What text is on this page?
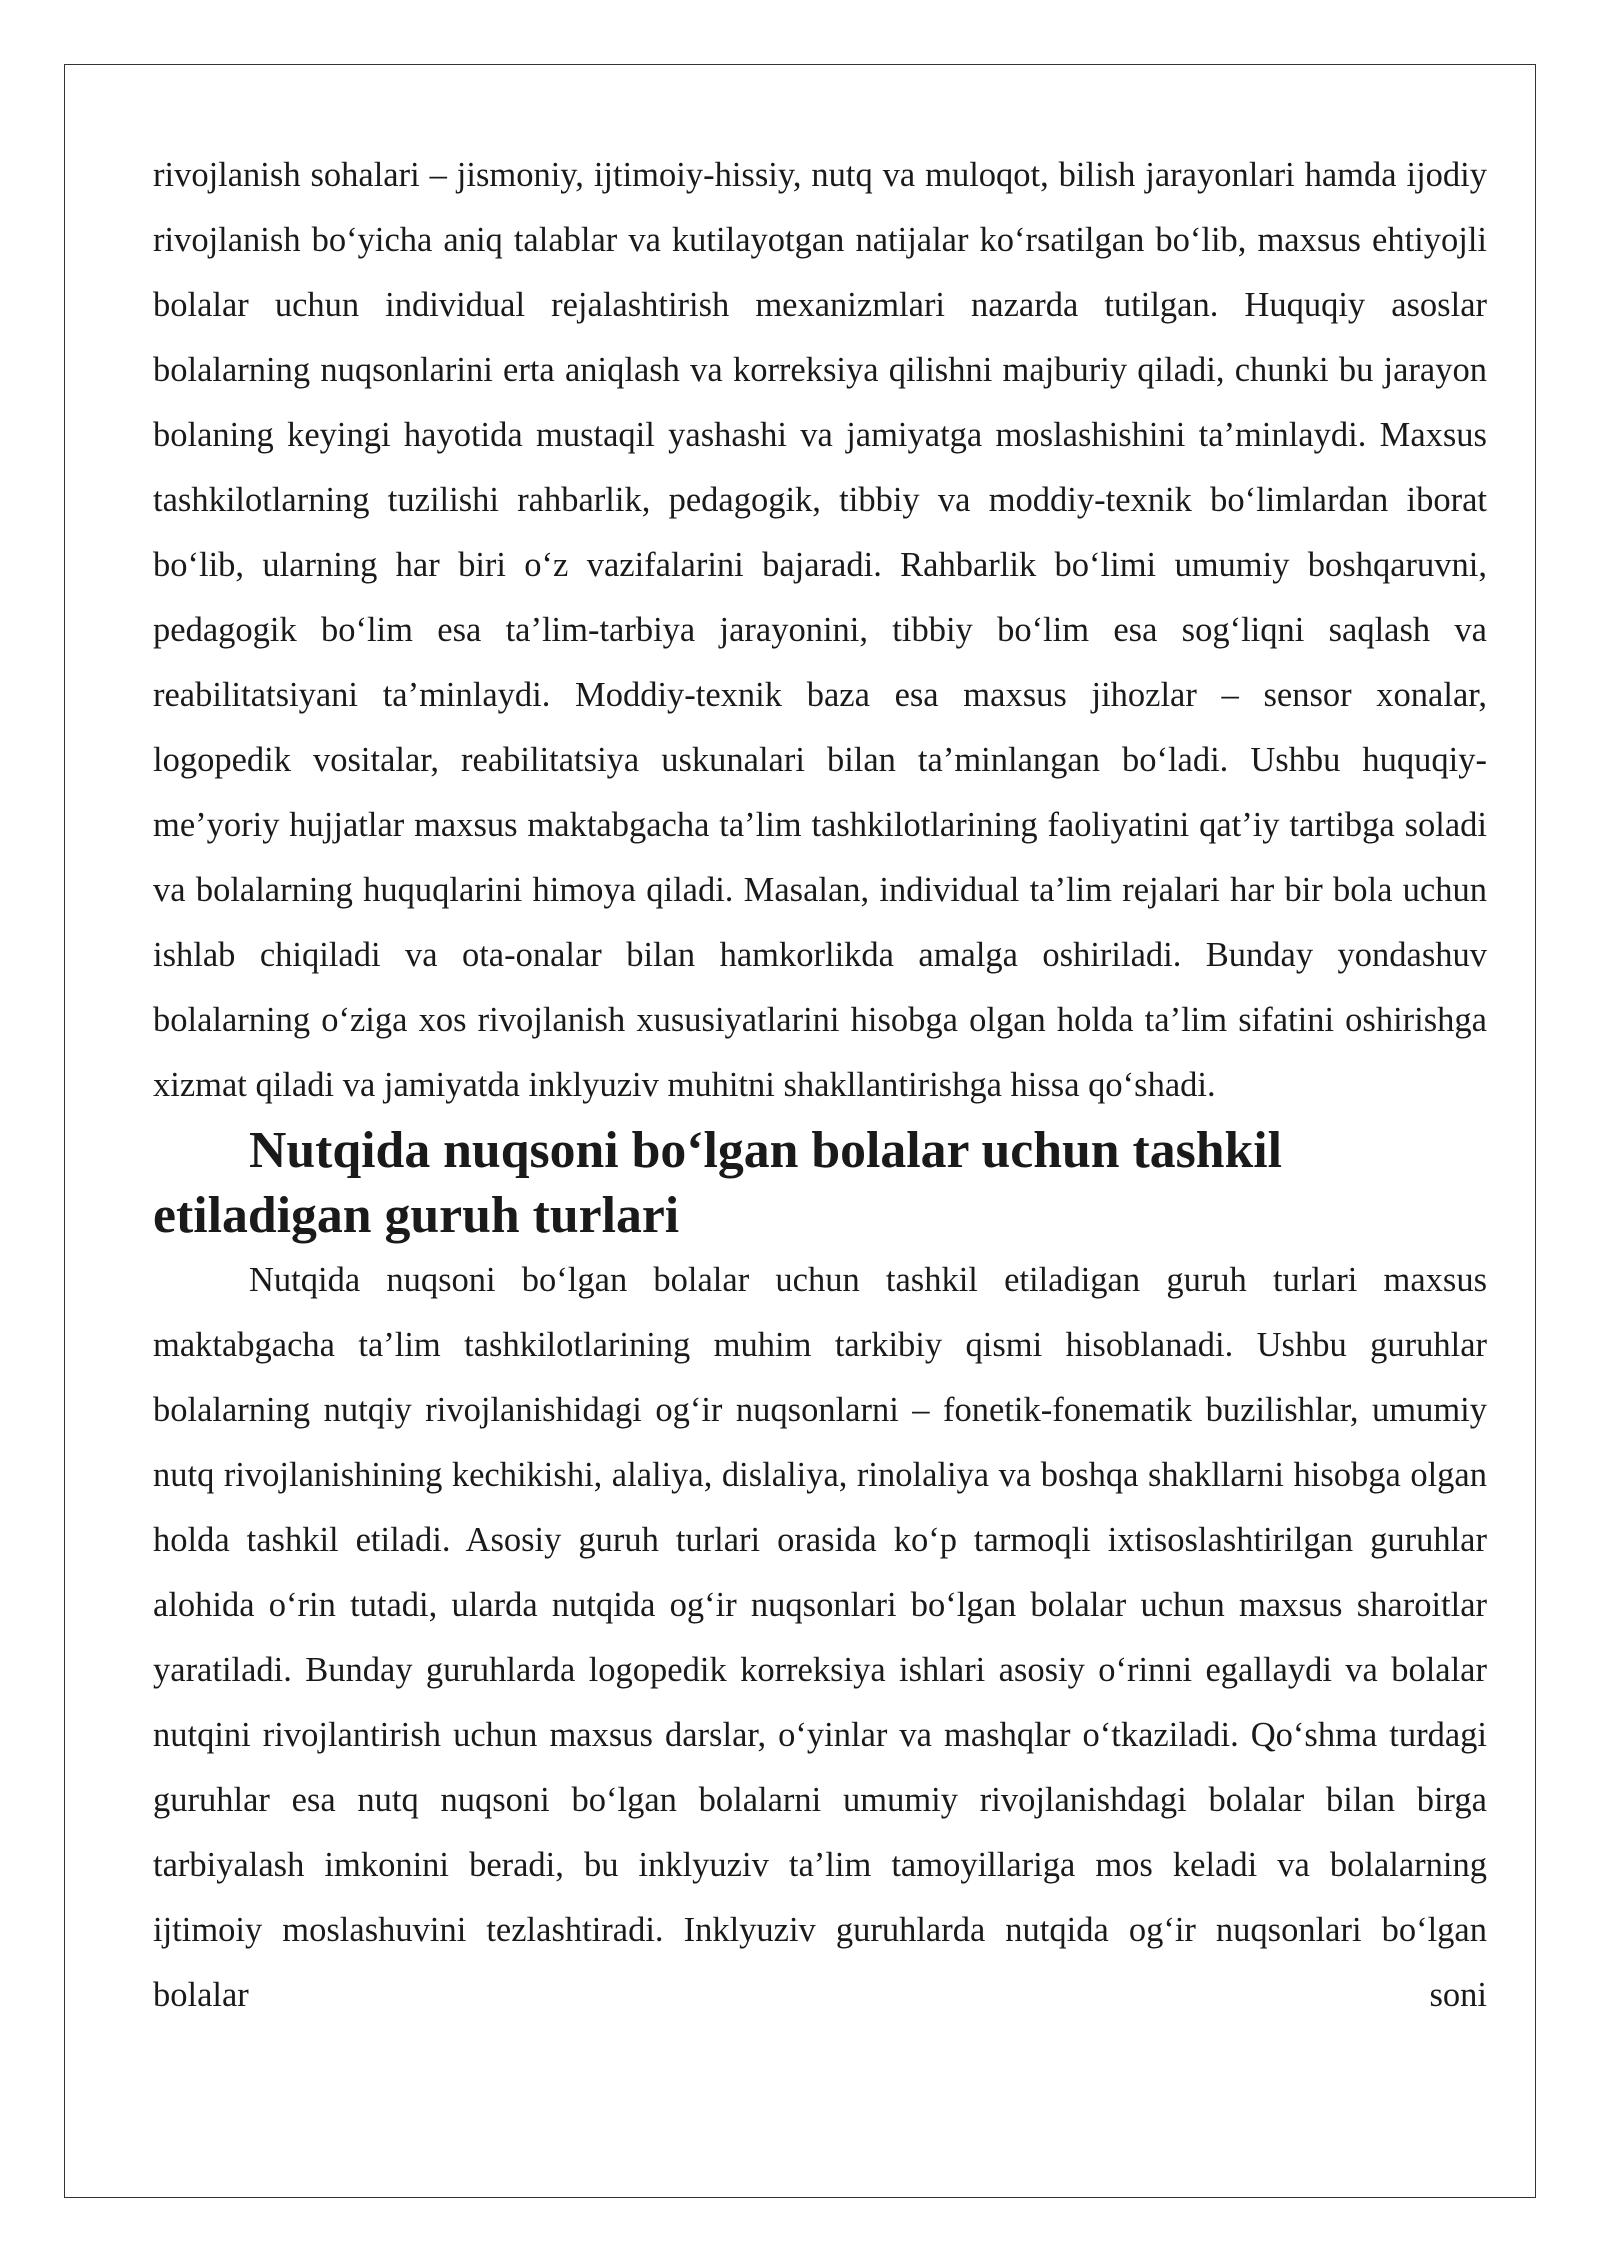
rivojlanish sohalari – jismoniy, ijtimoiy-hissiy, nutq va muloqot, bilish jarayonlari hamda ijodiy rivojlanish bo‘yicha aniq talablar va kutilayotgan natijalar ko‘rsatilgan bo‘lib, maxsus ehtiyojli bolalar uchun individual rejalashtirish mexanizmlari nazarda tutilgan. Huquqiy asoslar bolalarning nuqsonlarini erta aniqlash va korreksiya qilishni majburiy qiladi, chunki bu jarayon bolaning keyingi hayotida mustaqil yashashi va jamiyatga moslashishini ta’minlaydi. Maxsus tashkilotlarning tuzilishi rahbarlik, pedagogik, tibbiy va moddiy-texnik bo‘limlardan iborat bo‘lib, ularning har biri o‘z vazifalarini bajaradi. Rahbarlik bo‘limi umumiy boshqaruvni, pedagogik bo‘lim esa ta’lim-tarbiya jarayonini, tibbiy bo‘lim esa sog‘liqni saqlash va reabilitatsiyani ta’minlaydi. Moddiy-texnik baza esa maxsus jihozlar – sensor xonalar, logopedik vositalar, reabilitatsiya uskunalari bilan ta’minlangan bo‘ladi. Ushbu huquqiy-me’yoriy hujjatlar maxsus maktabgacha ta’lim tashkilotlarining faoliyatini qat’iy tartibga soladi va bolalarning huquqlarini himoya qiladi. Masalan, individual ta’lim rejalari har bir bola uchun ishlab chiqiladi va ota-onalar bilan hamkorlikda amalga oshiriladi. Bunday yondashuv bolalarning o‘ziga xos rivojlanish xususiyatlarini hisobga olgan holda ta’lim sifatini oshirishga xizmat qiladi va jamiyatda inklyuziv muhitni shakllantirishga hissa qo‘shadi.

Nutqida nuqsoni bo‘lgan bolalar uchun tashkil etiladigan guruh turlari

Nutqida nuqsoni bo‘lgan bolalar uchun tashkil etiladigan guruh turlari maxsus maktabgacha ta’lim tashkilotlarining muhim tarkibiy qismi hisoblanadi. Ushbu guruhlar bolalarning nutqiy rivojlanishidagi og‘ir nuqsonlarni – fonetik-fonematik buzilishlar, umumiy nutq rivojlanishining kechikishi, alaliya, dislaliya, rinolaliya va boshqa shakllarni hisobga olgan holda tashkil etiladi. Asosiy guruh turlari orasida ko‘p tarmoqli ixtisoslashtirilgan guruhlar alohida o‘rin tutadi, ularda nutqida og‘ir nuqsonlari bo‘lgan bolalar uchun maxsus sharoitlar yaratiladi. Bunday guruhlarda logopedik korreksiya ishlari asosiy o‘rinni egallaydi va bolalar nutqini rivojlantirish uchun maxsus darslar, o‘yinlar va mashqlar o‘tkaziladi. Qo‘shma turdagi guruhlar esa nutq nuqsoni bo‘lgan bolalarni umumiy rivojlanishdagi bolalar bilan birga tarbiyalash imkonini beradi, bu inklyuziv ta’lim tamoyillariga mos keladi va bolalarning ijtimoiy moslashuvini tezlashtiradi. Inklyuziv guruhlarda nutqida og‘ir nuqsonlari bo‘lgan bolalar soni
